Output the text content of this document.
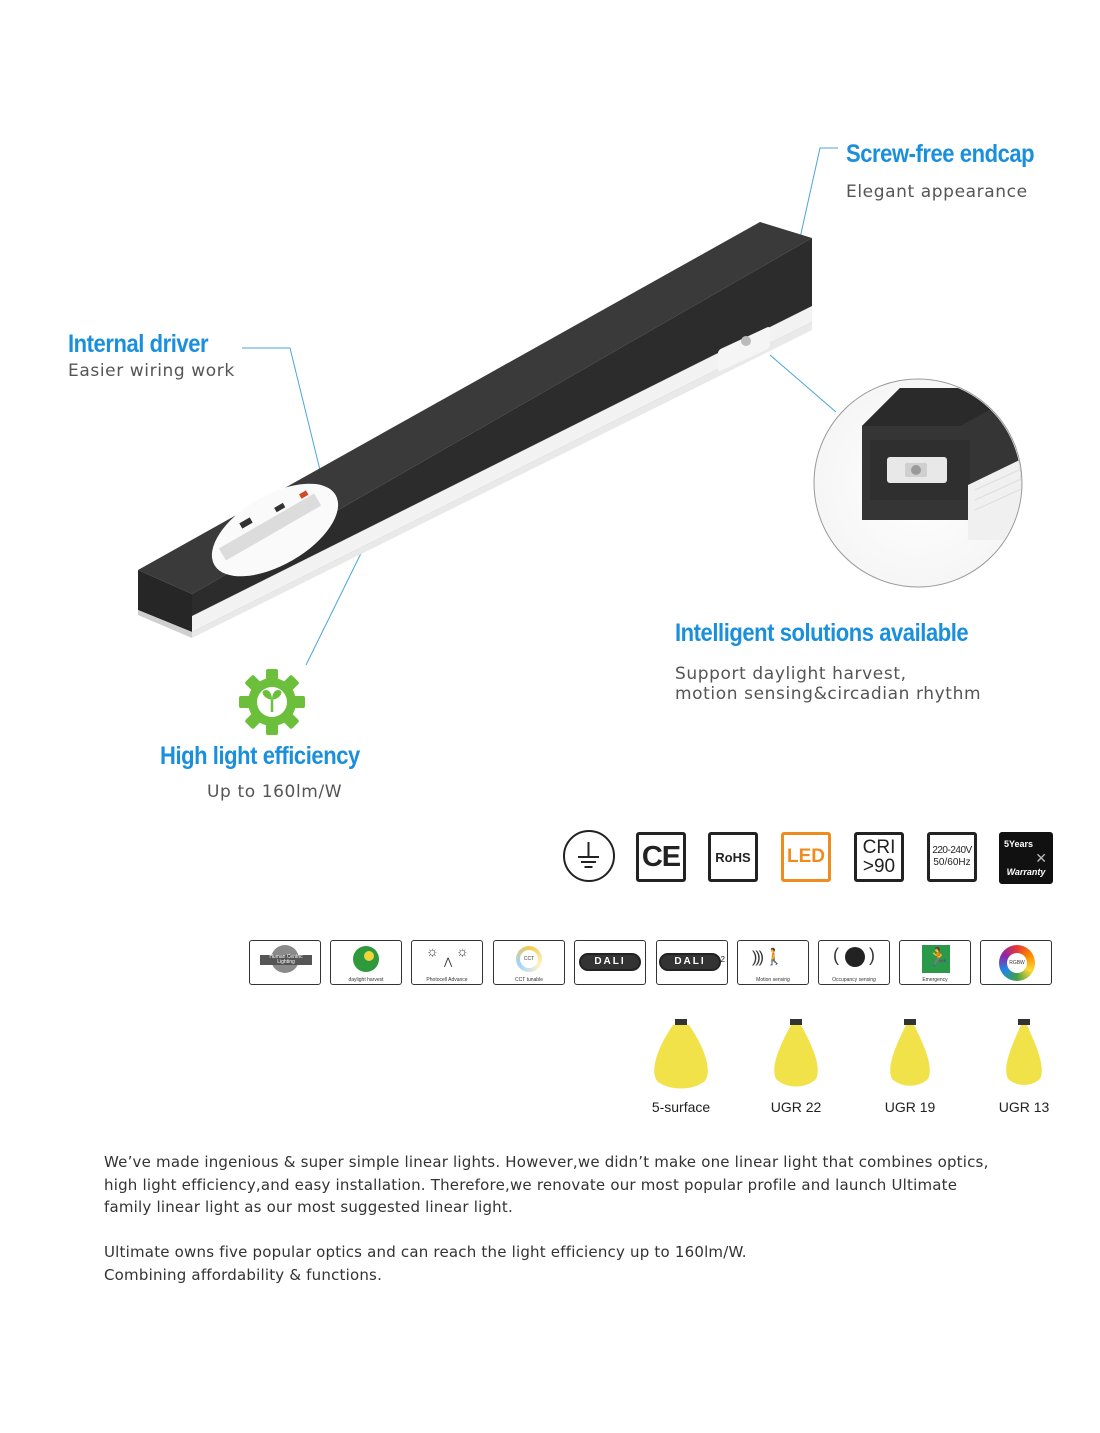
Screw-free endcap
Elegant appearance
Internal driver
Easier wiring work
Intelligent solutions available
Support daylight harvest,
motion sensing&circadian rhythm
High light efficiency
Up to 160lm/W
CE	RoHS LED CRI
>90
220-240V
50/60Hz
5Years
✕
Warranty
Human Centric Lighting
daylight harvest
☼ ☼
⋀
Photocell Advance
CCT
CCT tunable
DALI	DALI	2 ))) 🚶
Motion sensing
( )
Occupancy sensing
🏃
Emergency
RGBW
5-surface	UGR 22	UGR 19	UGR 13
We’ve made ingenious & super simple linear lights. However,we didn’t make one linear light that combines optics,
high light efficiency,and easy installation. Therefore,we renovate our most popular profile and launch Ultimate
family linear light as our most suggested linear light.
Ultimate owns five popular optics and can reach the light efficiency up to 160lm/W.
Combining affordability & functions.
